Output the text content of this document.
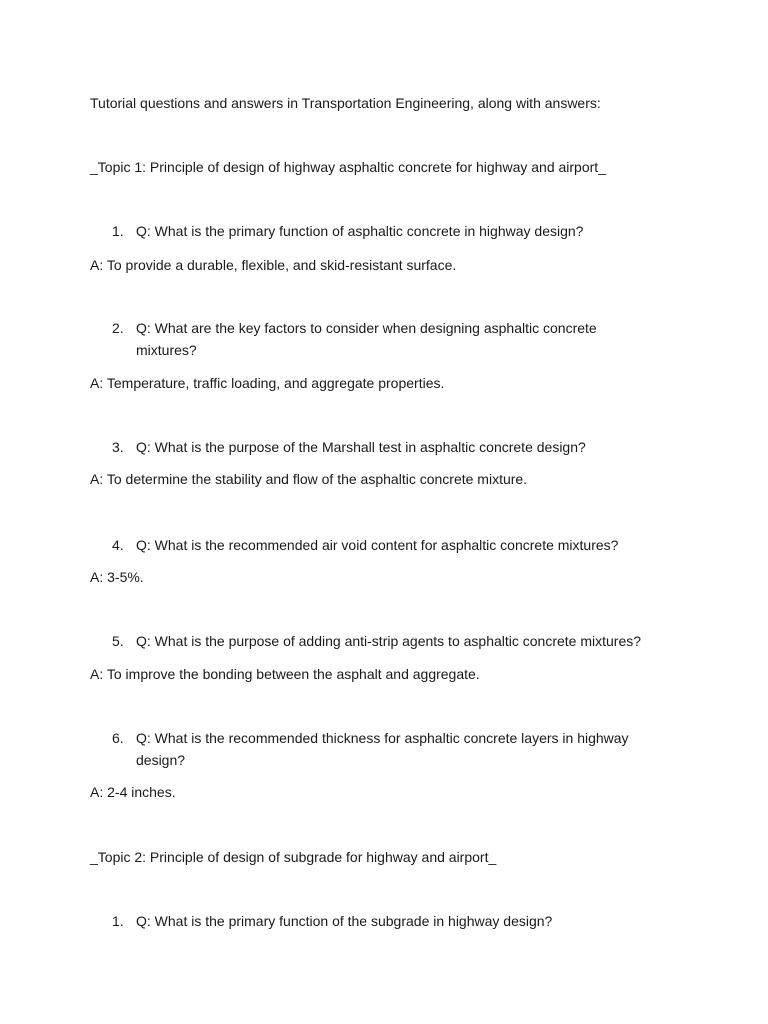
Tutorial questions and answers in Transportation Engineering, along with answers:
_Topic 1: Principle of design of highway asphaltic concrete for highway and airport_
1. Q: What is the primary function of asphaltic concrete in highway design?
A: To provide a durable, flexible, and skid-resistant surface.
2. Q: What are the key factors to consider when designing asphaltic concrete mixtures?
A: Temperature, traffic loading, and aggregate properties.
3. Q: What is the purpose of the Marshall test in asphaltic concrete design?
A: To determine the stability and flow of the asphaltic concrete mixture.
4. Q: What is the recommended air void content for asphaltic concrete mixtures?
A: 3-5%.
5. Q: What is the purpose of adding anti-strip agents to asphaltic concrete mixtures?
A: To improve the bonding between the asphalt and aggregate.
6. Q: What is the recommended thickness for asphaltic concrete layers in highway design?
A: 2-4 inches.
_Topic 2: Principle of design of subgrade for highway and airport_
1. Q: What is the primary function of the subgrade in highway design?
